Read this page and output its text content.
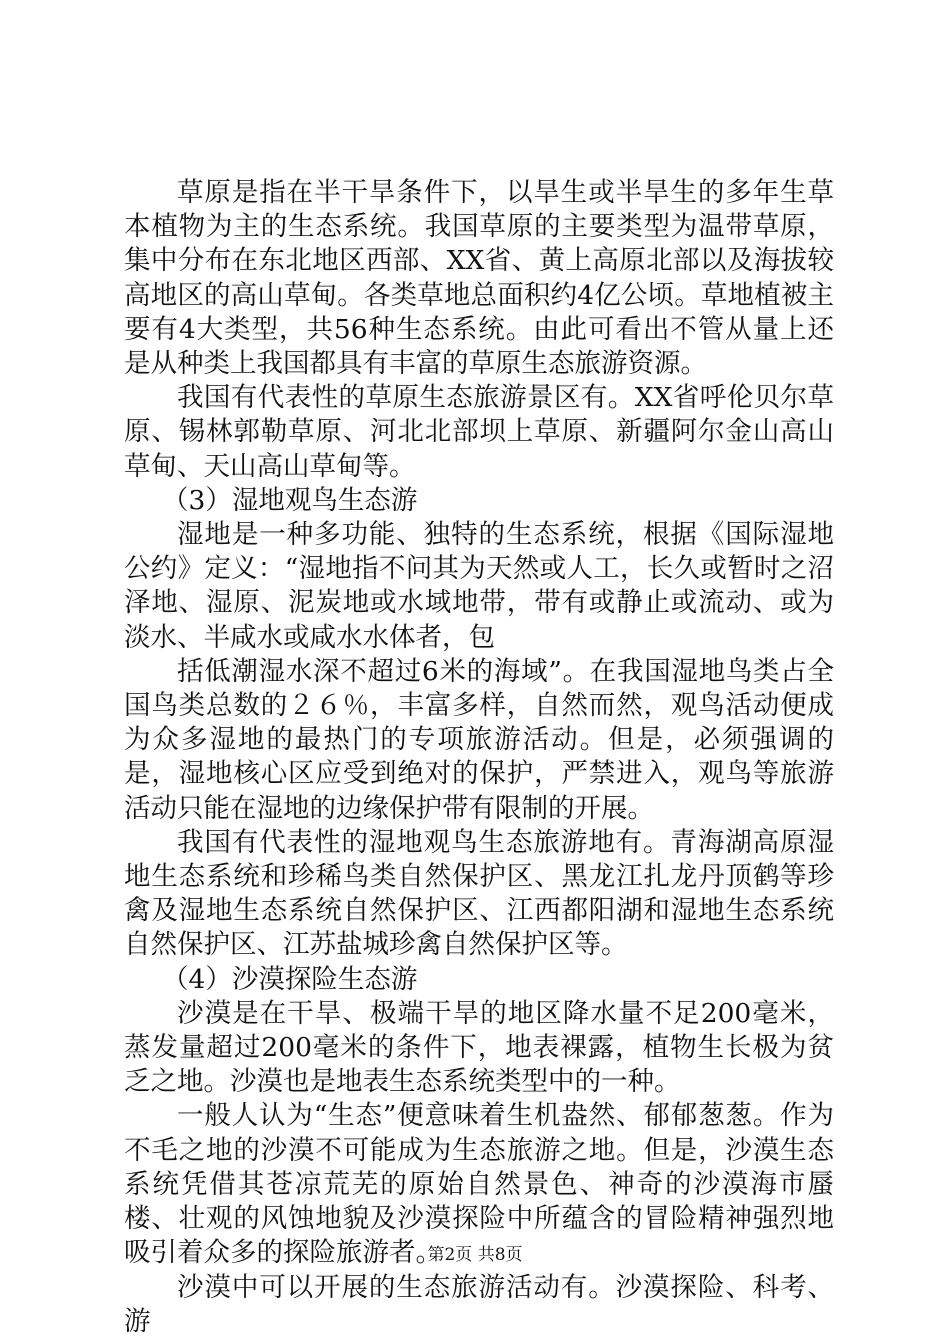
草原是指在半干旱条件下，以旱生或半旱生的多年生草本植物为主的生态系统。我国草原的主要类型为温带草原，集中分布在东北地区西部、XX省、黄上高原北部以及海拔较高地区的高山草甸。各类草地总面积约4亿公顷。草地植被主要有4大类型，共56种生态系统。由此可看出不管从量上还是从种类上我国都具有丰富的草原生态旅游资源。

我国有代表性的草原生态旅游景区有。XX省呼伦贝尔草原、锡林郭勒草原、河北北部坝上草原、新疆阿尔金山高山草甸、天山高山草甸等。

（3）湿地观鸟生态游

湿地是一种多功能、独特的生态系统，根据《国际湿地公约》定义：“湿地指不问其为天然或人工，长久或暂时之沼泽地、湿原、泥炭地或水域地带，带有或静止或流动、或为淡水、半咸水或咸水水体者，包

括低潮湿水深不超过6米的海域”。在我国湿地鸟类占全国鸟类总数的２６％，丰富多样，自然而然，观鸟活动便成为众多湿地的最热门的专项旅游活动。但是，必须强调的是，湿地核心区应受到绝对的保护，严禁进入，观鸟等旅游活动只能在湿地的边缘保护带有限制的开展。

我国有代表性的湿地观鸟生态旅游地有。青海湖高原湿地生态系统和珍稀鸟类自然保护区、黑龙江扎龙丹顶鹤等珍禽及湿地生态系统自然保护区、江西都阳湖和湿地生态系统自然保护区、江苏盐城珍禽自然保护区等。

（4）沙漠探险生态游

沙漠是在干旱、极端干旱的地区降水量不足200毫米，蒸发量超过200毫米的条件下，地表裸露，植物生长极为贫乏之地。沙漠也是地表生态系统类型中的一种。

一般人认为“生态”便意味着生机盎然、郁郁葱葱。作为不毛之地的沙漠不可能成为生态旅游之地。但是，沙漠生态系统凭借其苍凉荒芜的原始自然景色、神奇的沙漠海市蜃楼、壮观的风蚀地貌及沙漠探险中所蕴含的冒险精神强烈地吸引着众多的探险旅游者。

沙漠中可以开展的生态旅游活动有。沙漠探险、科考、游

第2页 共8页
